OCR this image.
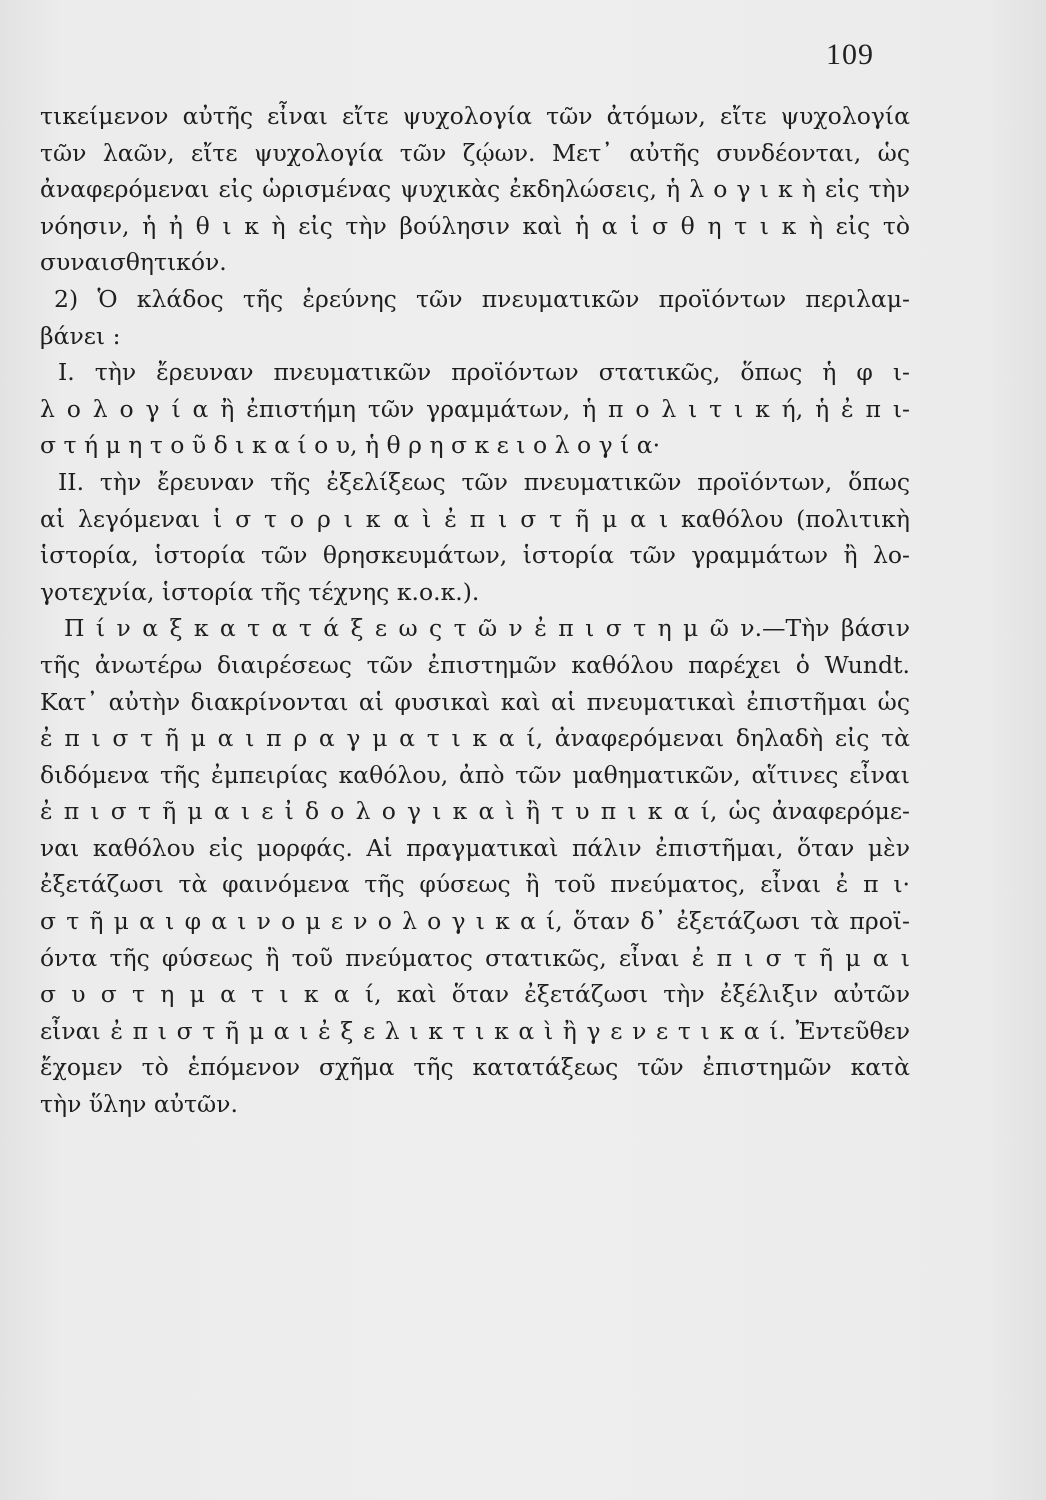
109
τικείμενον αὐτῆς εἶναι εἴτε ψυχολογία τῶν ἀτόμων, εἴτε ψυχολογία
τῶν λαῶν, εἴτε ψυχολογία τῶν ζῴων. Μετ᾿ αὐτῆς συνδέονται, ὡς
ἀναφερόμεναι εἰς ὡρισμένας ψυχικὰς ἐκδηλώσεις, ἡ λ ο γ ι κ ὴ εἰς τὴν
νόησιν, ἡ ἠ θ ι κ ὴ εἰς τὴν βούλησιν καὶ ἡ α ἰ σ θ η τ ι κ ὴ εἰς τὸ
συναισθητικόν.
2) Ὁ κλάδος τῆς ἐρεύνης τῶν πνευματικῶν προϊόντων περιλαμ-
βάνει :
Ι. τὴν ἔρευναν πνευματικῶν προϊόντων στατικῶς, ὅπως ἡ φ ι-
λ ο λ ο γ ί α ἢ ἐπιστήμη τῶν γραμμάτων, ἡ π ο λ ι τ ι κ ή, ἡ ἐ π ι-
σ τ ή μ η τ ο ῦ δ ι κ α ί ο υ, ἡ θ ρ η σ κ ε ι ο λ ο γ ί α·
ΙΙ. τὴν ἔρευναν τῆς ἐξελίξεως τῶν πνευματικῶν προϊόντων, ὅπως
αἱ λεγόμεναι ἱ σ τ ο ρ ι κ α ὶ ἐ π ι σ τ ῆ μ α ι καθόλου (πολιτικὴ
ἱστορία, ἱστορία τῶν θρησκευμάτων, ἱστορία τῶν γραμμάτων ἢ λο-
γοτεχνία, ἱστορία τῆς τέχνης κ.ο.κ.).
Π ί ν α ξ κ α τ α τ ά ξ ε ω ς τ ῶ ν ἐ π ι σ τ η μ ῶ ν.—Τὴν βάσιν
τῆς ἀνωτέρω διαιρέσεως τῶν ἐπιστημῶν καθόλου παρέχει ὁ Wundt.
Κατ᾿ αὐτὴν διακρίνονται αἱ φυσικαὶ καὶ αἱ πνευματικαὶ ἐπιστῆμαι ὡς
ἐ π ι σ τ ῆ μ α ι π ρ α γ μ α τ ι κ α ί, ἀναφερόμεναι δηλαδὴ εἰς τὰ
διδόμενα τῆς ἐμπειρίας καθόλου, ἀπὸ τῶν μαθηματικῶν, αἵτινες εἶναι
ἐ π ι σ τ ῆ μ α ι ε ἰ δ ο λ ο γ ι κ α ὶ ἢ τ υ π ι κ α ί, ὡς ἀναφερόμε-
ναι καθόλου εἰς μορφάς. Αἱ πραγματικαὶ πάλιν ἐπιστῆμαι, ὅταν μὲν
ἐξετάζωσι τὰ φαινόμενα τῆς φύσεως ἢ τοῦ πνεύματος, εἶναι ἐ π ι·
σ τ ῆ μ α ι φ α ι ν ο μ ε ν ο λ ο γ ι κ α ί, ὅταν δ᾿ ἐξετάζωσι τὰ προϊ-
όντα τῆς φύσεως ἢ τοῦ πνεύματος στατικῶς, εἶναι ἐ π ι σ τ ῆ μ α ι
σ υ σ τ η μ α τ ι κ α ί, καὶ ὅταν ἐξετάζωσι τὴν ἐξέλιξιν αὐτῶν
εἶναι ἐ π ι σ τ ῆ μ α ι ἐ ξ ε λ ι κ τ ι κ α ὶ ἢ γ ε ν ε τ ι κ α ί. Ἐντεῦθεν
ἔχομεν τὸ ἑπόμενον σχῆμα τῆς κατατάξεως τῶν ἐπιστημῶν κατὰ
τὴν ὕλην αὐτῶν.
